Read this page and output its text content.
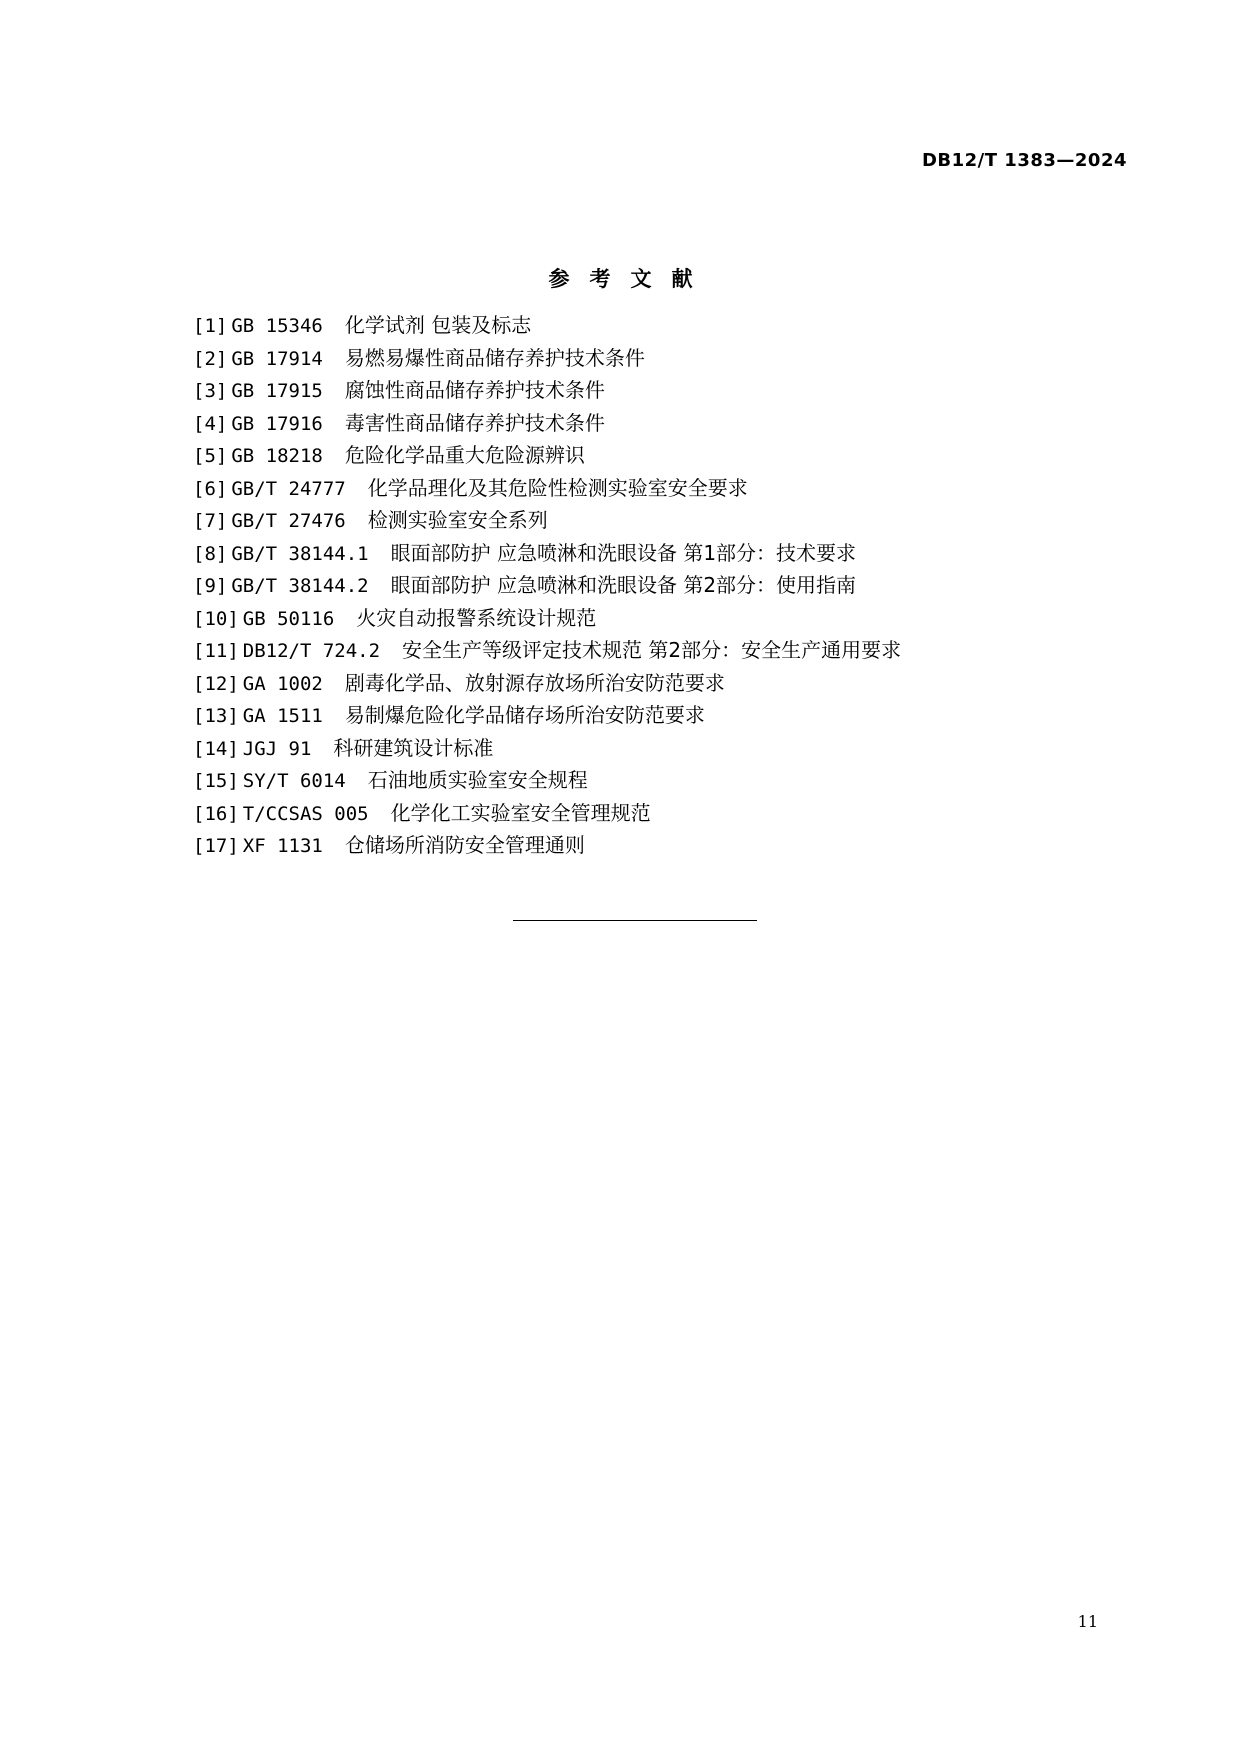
DB12/T 1383—2024
参考文献
[1] GB 15346 化学试剂 包装及标志
[2] GB 17914 易燃易爆性商品储存养护技术条件
[3] GB 17915 腐蚀性商品储存养护技术条件
[4] GB 17916 毒害性商品储存养护技术条件
[5] GB 18218 危险化学品重大危险源辨识
[6] GB/T 24777 化学品理化及其危险性检测实验室安全要求
[7] GB/T 27476 检测实验室安全系列
[8] GB/T 38144.1 眼面部防护 应急喷淋和洗眼设备 第1部分：技术要求
[9] GB/T 38144.2 眼面部防护 应急喷淋和洗眼设备 第2部分：使用指南
[10] GB 50116 火灾自动报警系统设计规范
[11] DB12/T 724.2 安全生产等级评定技术规范 第2部分：安全生产通用要求
[12] GA 1002 剧毒化学品、放射源存放场所治安防范要求
[13] GA 1511 易制爆危险化学品储存场所治安防范要求
[14] JGJ 91 科研建筑设计标准
[15] SY/T 6014 石油地质实验室安全规程
[16] T/CCSAS 005 化学化工实验室安全管理规范
[17] XF 1131 仓储场所消防安全管理通则
11
